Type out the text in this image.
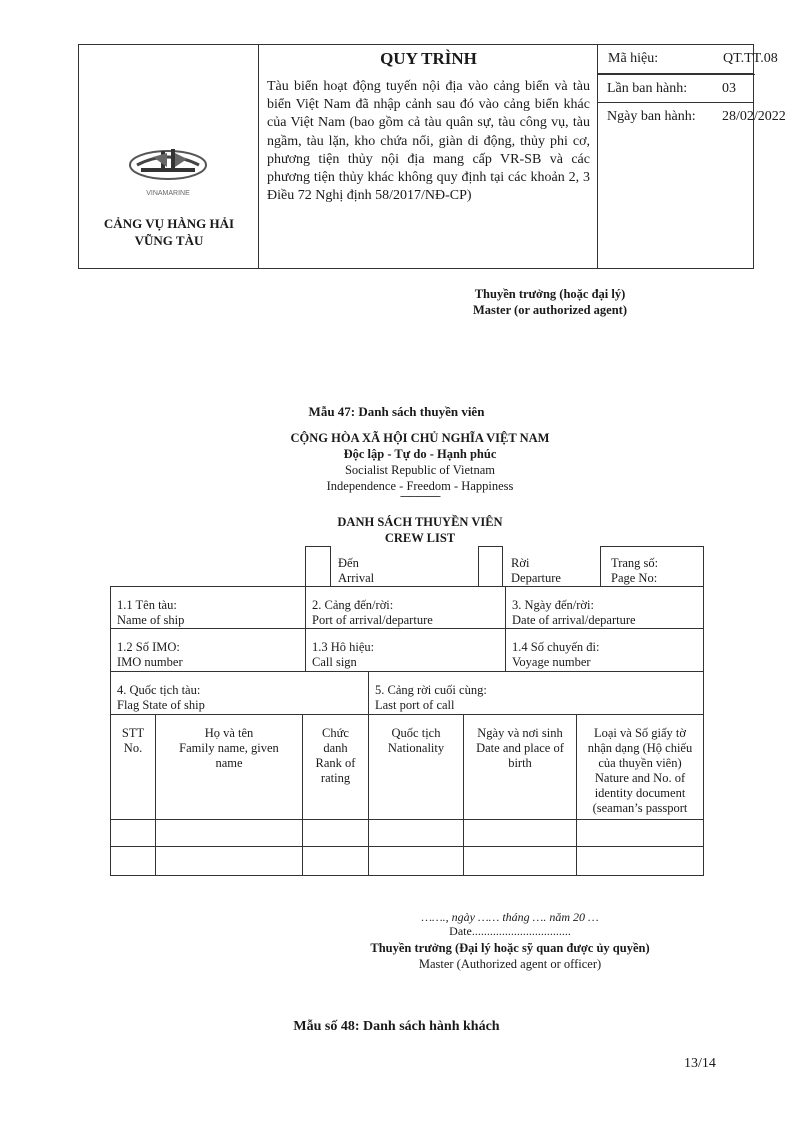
VINAMARINE
CẢNG VỤ HÀNG HẢI
VŨNG TÀU
QUY TRÌNH
Tàu biển hoạt động tuyến nội địa vào cảng biển và tàu biển Việt Nam đã nhập cảnh sau đó vào cảng biển khác của Việt Nam (bao gồm cả tàu quân sự, tàu công vụ, tàu ngầm, tàu lặn, kho chứa nổi, giàn di động, thủy phi cơ, phương tiện thủy nội địa mang cấp VR-SB và các phương tiện thủy khác không quy định tại các khoản 2, 3 Điều 72 Nghị định 58/2017/NĐ-CP)
Mã hiệu:	QT.TT.08
Lần ban hành: 03
Ngày ban hành: 28/02/2022
Thuyền trưởng (hoặc đại lý)
Master (or authorized agent)
Mẫu 47: Danh sách thuyền viên
CỘNG HÒA XÃ HỘI CHỦ NGHĨA VIỆT NAM
Độc lập - Tự do - Hạnh phúc
Socialist Republic of Vietnam
Independence - Freedom - Happiness
---------------
DANH SÁCH THUYỀN VIÊN
CREW LIST
Đến
Arrival
Rời
Departure
Trang số:
Page No:
1.1 Tên tàu:
Name of ship
2. Cảng đến/rời:
Port of arrival/departure
3. Ngày đến/rời:
Date of arrival/departure
1.2 Số IMO:
IMO number
1.3 Hô hiệu:
Call sign
1.4 Số chuyến đi:
Voyage number
4. Quốc tịch tàu:
Flag State of ship
5. Cảng rời cuối cùng:
Last port of call
STT
No.
Họ và tên
Family name, given
name
Chức
danh
Rank of
rating
Quốc tịch
Nationality
Ngày và nơi sinh
Date and place of
birth
Loại và Số giấy tờ
nhận dạng (Hộ chiếu
của thuyền viên)
Nature and No. of
identity document
(seaman’s passport
……., ngày …… tháng …. năm 20 …
Date.................................
Thuyền trưởng (Đại lý hoặc sỹ quan được ủy quyền)
Master (Authorized agent or officer)
Mẫu số 48: Danh sách hành khách
13/14
